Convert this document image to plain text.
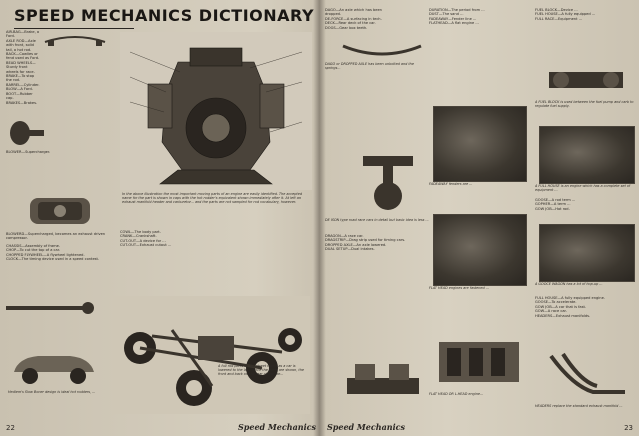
SPEED MECHANICS DICTIONARY
AIR-BAG—Brake, a Ford.
AXLE ROD—Axle with front, solid tail, a hot rod.
BACK—Cowlies or fend used as Ford.
BEAD WHEELS—Sturdy front wheels for race.
BRAKE—To stop the rod.
BARREL—Cylinder.
BLOW—A Ford.
BOOT—Rubber cap.
BRAKES—Brakes.
In the above illustration the most important moving parts of an engine are easily identified. The accepted name for the part is shown in caps with the hot rodder's equivalent shown immediately after it. At left an exhaust manifold header and carburetor... and the parts are not sampled for rod vocabulary, however.
BLOWER—Supercharger.
BLOWERD—Supercharged, becomes an exhaust driven compressor.
CHASSIS—Assembly of frame.
CHOP—To cut the top of a car.
CHOPPED FLYWHEEL—A flywheel lightened.
CLOCK—The timing device used in a speed contest.
COWL—The body part.
CRANK—Crankshaft.
CUT-OUT—A device for ...
CUT-OUT—Exhaust cutout ...
Hedlem's Slow Boner design is ideal hot rodders, ...
A full rod parts on the street frame as a car is lowered to the last. Since the parts are shown, the front and back on the rear of the car...
22	Speed Mechanics
DAGO—An axle which has been dropped.
DE-FORCE—A surfacing in tech.
DECK—Rear deck of the car.
DOGS—Gear box teeth.
DAGO or DROPPED AXLE has been unbolted and the springs...
DE ISON type road race cars in detail but basic idea is less ...
DRAGON—A race car.
DRAGSTRIP—Drag strip used for timing cars.
DROPPED AXLE—An axle lowered.
DUAL SETUP—Dual intakes.
DURATION—The period from ...
DUST—The sand ...
FADEAWAY—Fender line ...
FLATHEAD—A flat engine ...
FADEAWAY fenders are ...
FLAT HEAD engines are fastened ...
FLAT HEAD OR L-HEAD engine...
FUEL BLOCK—Device ...
FUEL HOUSE—A fully equipped ...
FULL RACE—Equipment ...
A FUEL BLOCK is used between the fuel pump and carb to regulate fuel supply.
A FULL HOUSE is an engine which has a complete set of equipment ...
GOOSE—A rod term ...
GOPHER—A term ...
GOW JOB—Hot rod.
A GOOCE WAGON has a lot of hop-up ...
FULL HOUSE—A fully equipped engine.
GOOSE—To accelerate.
GOW JOB—A car that is fast.
GOW—A race car.
HEADERS—Exhaust manifolds.
HEADERS replace the standard exhaust manifold ...
Speed Mechanics	23
